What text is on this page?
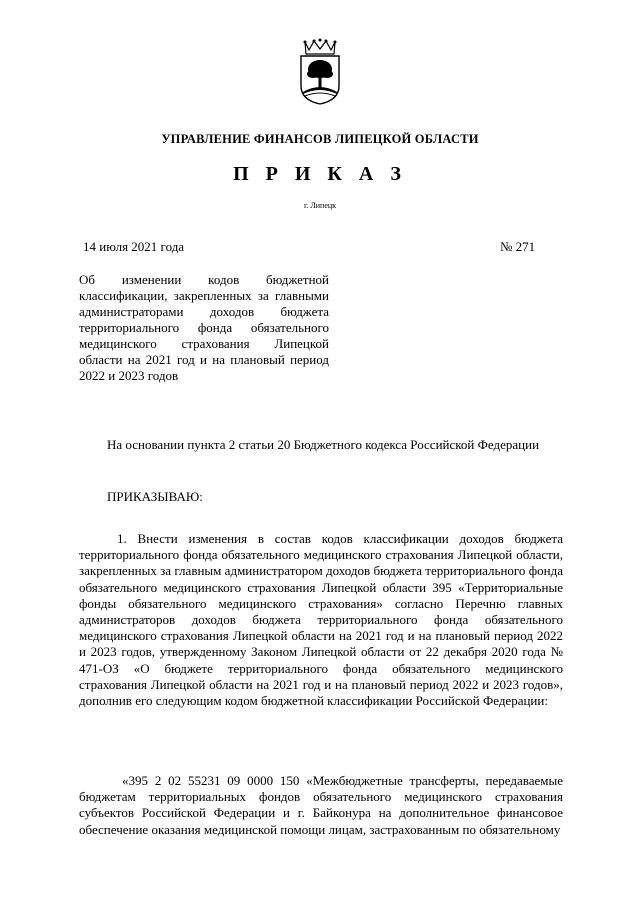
УПРАВЛЕНИЕ ФИНАНСОВ ЛИПЕЦКОЙ ОБЛАСТИ
П Р И К А З
г. Липецк
14 июля 2021 года	№ 271
Об изменении кодов бюджетной классификации, закрепленных за главными администраторами доходов бюджета территориального фонда обязательного медицинского страхования Липецкой области на 2021 год и на плановый период 2022 и 2023 годов
На основании пункта 2 статьи 20 Бюджетного кодекса Российской Федерации
ПРИКАЗЫВАЮ:
1. Внести изменения в состав кодов классификации доходов бюджета территориального фонда обязательного медицинского страхования Липецкой области, закрепленных за главным администратором доходов бюджета территориального фонда обязательного медицинского страхования Липецкой области 395 «Территориальные фонды обязательного медицинского страхования» согласно Перечню главных администраторов доходов бюджета территориального фонда обязательного медицинского страхования Липецкой области на 2021 год и на плановый период 2022 и 2023 годов, утвержденному Законом Липецкой области от 22 декабря 2020 года № 471-ОЗ «О бюджете территориального фонда обязательного медицинского страхования Липецкой области на 2021 год и на плановый период 2022 и 2023 годов», дополнив его следующим кодом бюджетной классификации Российской Федерации:
«395 2 02 55231 09 0000 150 «Межбюджетные трансферты, передаваемые бюджетам территориальных фондов обязательного медицинского страхования субъектов Российской Федерации и г. Байконура на дополнительное финансовое обеспечение оказания медицинской помощи лицам, застрахованным по обязательному
